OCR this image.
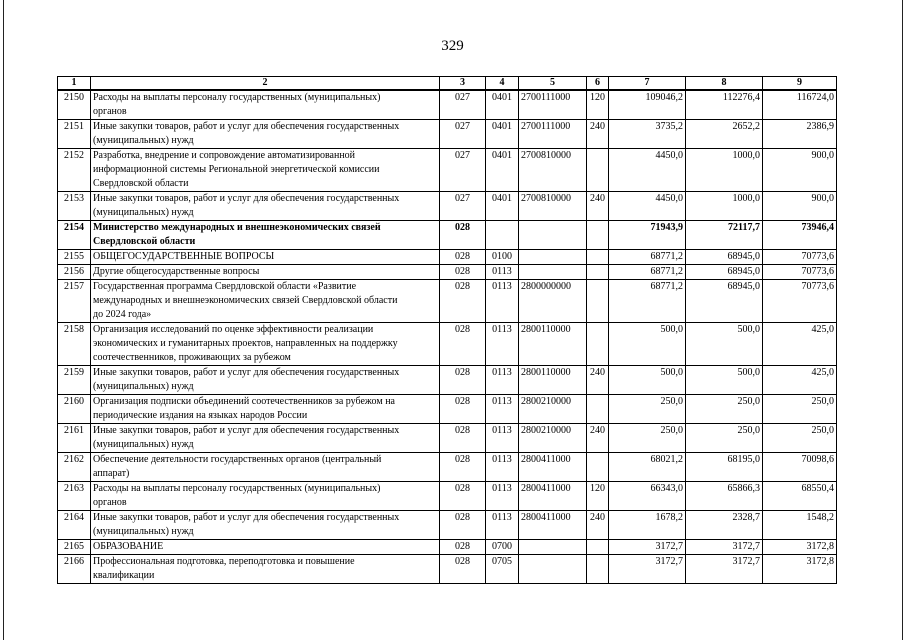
329
1	2	3	4	5	6	7	8	9
2150	Расходы на выплаты персоналу государственных (муниципальных)
органов	027	0401	2700111000	120	109046,2	112276,4	116724,0
2151	Иные закупки товаров, работ и услуг для обеспечения государственных
(муниципальных) нужд	027	0401	2700111000	240	3735,2	2652,2	2386,9
2152	Разработка, внедрение и сопровождение автоматизированной
информационной системы Региональной энергетической комиссии
Свердловской области	027	0401	2700810000		4450,0	1000,0	900,0
2153	Иные закупки товаров, работ и услуг для обеспечения государственных
(муниципальных) нужд	027	0401	2700810000	240	4450,0	1000,0	900,0
2154	Министерство международных и внешнеэкономических связей
Свердловской области	028				71943,9	72117,7	73946,4
2155	ОБЩЕГОСУДАРСТВЕННЫЕ ВОПРОСЫ	028	0100			68771,2	68945,0	70773,6
2156	Другие общегосударственные вопросы	028	0113			68771,2	68945,0	70773,6
2157	Государственная программа Свердловской области «Развитие
международных и внешнеэкономических связей Свердловской области
до 2024 года»	028	0113	2800000000		68771,2	68945,0	70773,6
2158	Организация исследований по оценке эффективности реализации
экономических и гуманитарных проектов, направленных на поддержку
соотечественников, проживающих за рубежом	028	0113	2800110000		500,0	500,0	425,0
2159	Иные закупки товаров, работ и услуг для обеспечения государственных
(муниципальных) нужд	028	0113	2800110000	240	500,0	500,0	425,0
2160	Организация подписки объединений соотечественников за рубежом на
периодические издания на языках народов России	028	0113	2800210000		250,0	250,0	250,0
2161	Иные закупки товаров, работ и услуг для обеспечения государственных
(муниципальных) нужд	028	0113	2800210000	240	250,0	250,0	250,0
2162	Обеспечение деятельности государственных органов (центральный
аппарат)	028	0113	2800411000		68021,2	68195,0	70098,6
2163	Расходы на выплаты персоналу государственных (муниципальных)
органов	028	0113	2800411000	120	66343,0	65866,3	68550,4
2164	Иные закупки товаров, работ и услуг для обеспечения государственных
(муниципальных) нужд	028	0113	2800411000	240	1678,2	2328,7	1548,2
2165	ОБРАЗОВАНИЕ	028	0700			3172,7	3172,7	3172,8
2166	Профессиональная подготовка, переподготовка и повышение
квалификации	028	0705			3172,7	3172,7	3172,8
